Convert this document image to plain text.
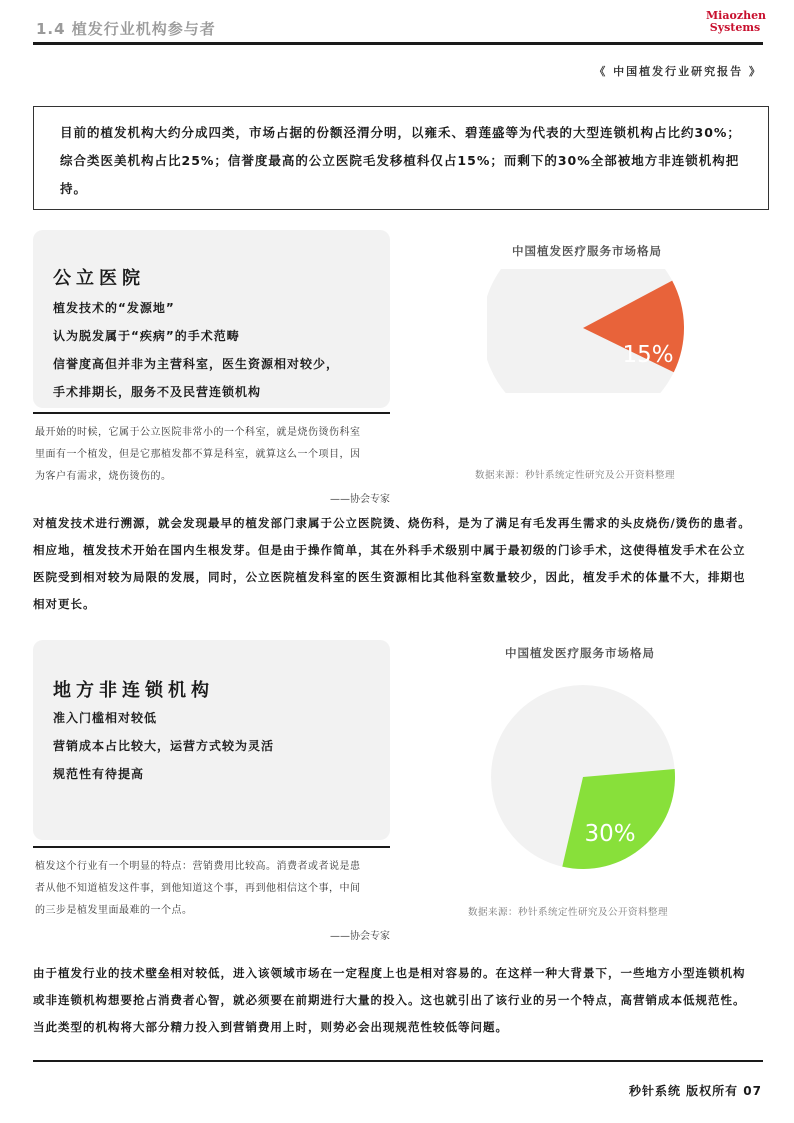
1.4 植发行业机构参与者
Miaozhen
Systems
《 中国植发行业研究报告 》

目前的植发机构大约分成四类，市场占据的份额泾渭分明，以雍禾、碧莲盛等为代表的大型连锁机构占比约30%；综合类医美机构占比25%；信誉度最高的公立医院毛发移植科仅占15%；而剩下的30%全部被地方非连锁机构把持。

公立医院
植发技术的“发源地”
认为脱发属于“疾病”的手术范畴
信誉度高但并非为主营科室，医生资源相对较少，
手术排期长，服务不及民营连锁机构
最开始的时候，它属于公立医院非常小的一个科室，就是烧伤烫伤科室
里面有一个植发，但是它那植发都不算是科室，就算这么一个项目，因
为客户有需求，烧伤烫伤的。
——协会专家
中国植发医疗服务市场格局
15%
数据来源：秒针系统定性研究及公开资料整理
对植发技术进行溯源，就会发现最早的植发部门隶属于公立医院烫、烧伤科，是为了满足有毛发再生需求的头皮烧伤/烫伤的患者。
相应地，植发技术开始在国内生根发芽。但是由于操作简单，其在外科手术级别中属于最初级的门诊手术，这使得植发手术在公立
医院受到相对较为局限的发展，同时，公立医院植发科室的医生资源相比其他科室数量较少，因此，植发手术的体量不大，排期也
相对更长。
地方非连锁机构
准入门槛相对较低
营销成本占比较大，运营方式较为灵活
规范性有待提高
植发这个行业有一个明显的特点：营销费用比较高。消费者或者说是患
者从他不知道植发这件事，到他知道这个事，再到他相信这个事，中间
的三步是植发里面最难的一个点。
——协会专家
中国植发医疗服务市场格局
30%
数据来源：秒针系统定性研究及公开资料整理
由于植发行业的技术壁垒相对较低，进入该领域市场在一定程度上也是相对容易的。在这样一种大背景下，一些地方小型连锁机构
或非连锁机构想要抢占消费者心智，就必须要在前期进行大量的投入。这也就引出了该行业的另一个特点，高营销成本低规范性。
当此类型的机构将大部分精力投入到营销费用上时，则势必会出现规范性较低等问题。
秒针系统 版权所有 07
